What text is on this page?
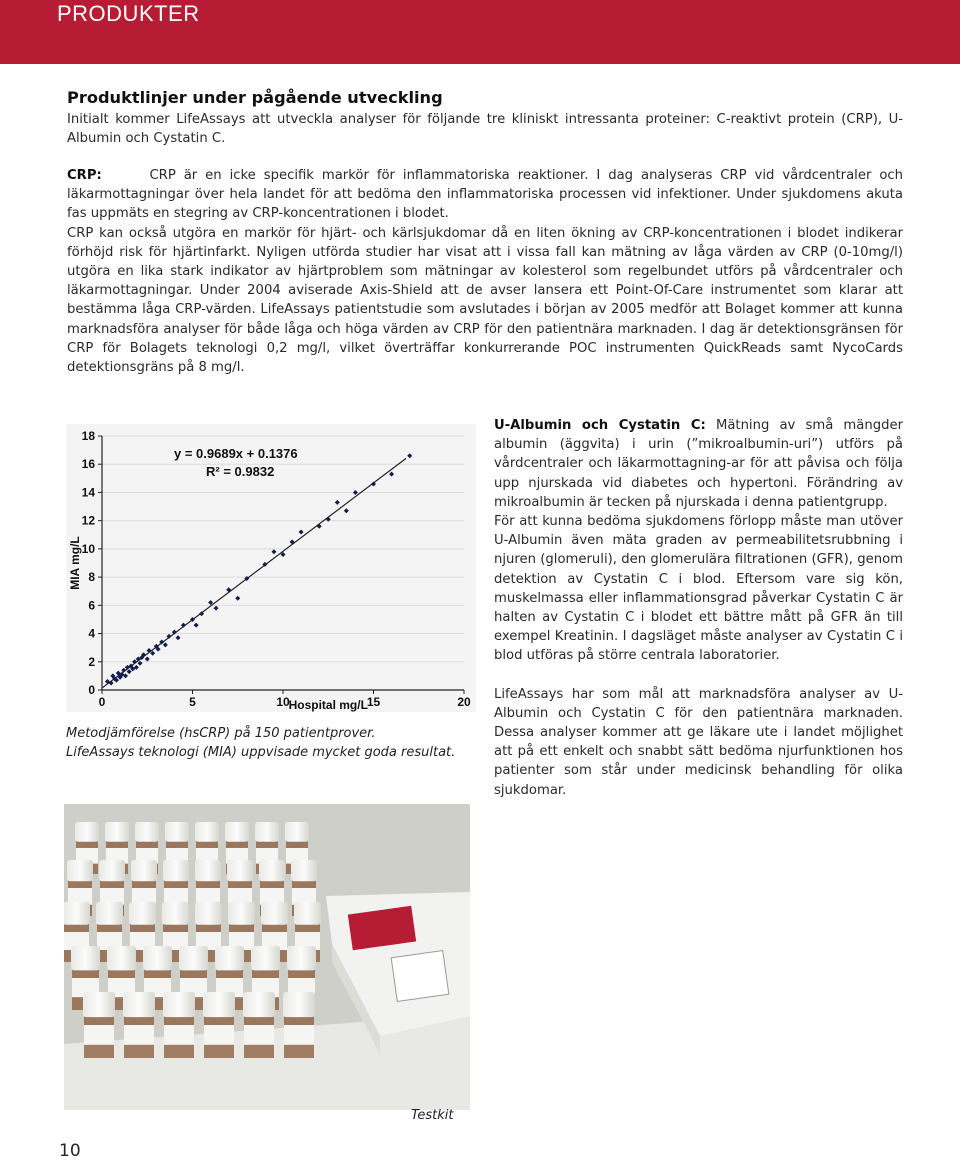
PRODUKTER
Produktlinjer under pågående utveckling
Initialt kommer LifeAssays att utveckla analyser för följande tre kliniskt intressanta proteiner: C-reaktivt protein (CRP), U-Albumin och Cystatin C.

CRP:	CRP är en icke specifik markör för inflammatoriska reaktioner. I dag analyseras CRP vid vårdcentraler och läkarmottagningar över hela landet för att bedöma den inflammatoriska processen vid infektioner. Under sjukdomens akuta fas uppmäts en stegring av CRP-koncentrationen i blodet.

CRP kan också utgöra en markör för hjärt- och kärlsjukdomar då en liten ökning av CRP-koncentrationen i blodet indikerar förhöjd risk för hjärtinfarkt. Nyligen utförda studier har visat att i vissa fall kan mätning av låga värden av CRP (0-10mg/l) utgöra en lika stark indikator av hjärtproblem som mätningar av kolesterol som regelbundet utförs på vårdcentraler och läkarmottagningar. Under 2004 aviserade Axis-Shield att de avser lansera ett Point-Of-Care instrumentet som klarar att bestämma låga CRP-värden. LifeAssays patientstudie som avslutades i början av 2005 medför att Bolaget kommer att kunna marknadsföra analyser för både låga och höga värden av CRP för den patientnära marknaden. I dag är detektionsgränsen för CRP för Bolagets teknologi 0,2 mg/l, vilket överträffar konkurrerande POC instrumenten QuickReads samt NycoCards detektionsgräns på 8 mg/l.

0
2
4
6
8
10
12
14
16
18
0	5	10	15	20
y = 0.9689x + 0.1376
R² = 0.9832
MIA mg/L
Hospital mg/L
Metodjämförelse (hsCRP) på 150 patientprover.
LifeAssays teknologi (MIA) uppvisade mycket goda resultat.
Testkit

U-Albumin och Cystatin C: Mätning av små mängder albumin (äggvita) i urin (”mikroalbumin-uri”) utförs på vårdcentraler och läkarmottagning-ar för att påvisa och följa upp njurskada vid diabetes och hypertoni. Förändring av mikroalbumin är tecken på njurskada i denna patientgrupp.

För att kunna bedöma sjukdomens förlopp måste man utöver U-Albumin även mäta graden av permeabilitetsrubbning i njuren (glomeruli), den glomerulära filtrationen (GFR), genom detektion av Cystatin C i blod. Eftersom vare sig kön, muskelmassa eller inflammationsgrad påverkar Cystatin C är halten av Cystatin C i blodet ett bättre mått på GFR än till exempel Kreatinin. I dagsläget måste analyser av Cystatin C i blod utföras på större centrala laboratorier.

LifeAssays har som mål att marknadsföra analyser av U-Albumin och Cystatin C för den patientnära marknaden. Dessa analyser kommer att ge läkare ute i landet möjlighet att på ett enkelt och snabbt sätt bedöma njurfunktionen hos patienter som står under medicinsk behandling för olika sjukdomar.

10
